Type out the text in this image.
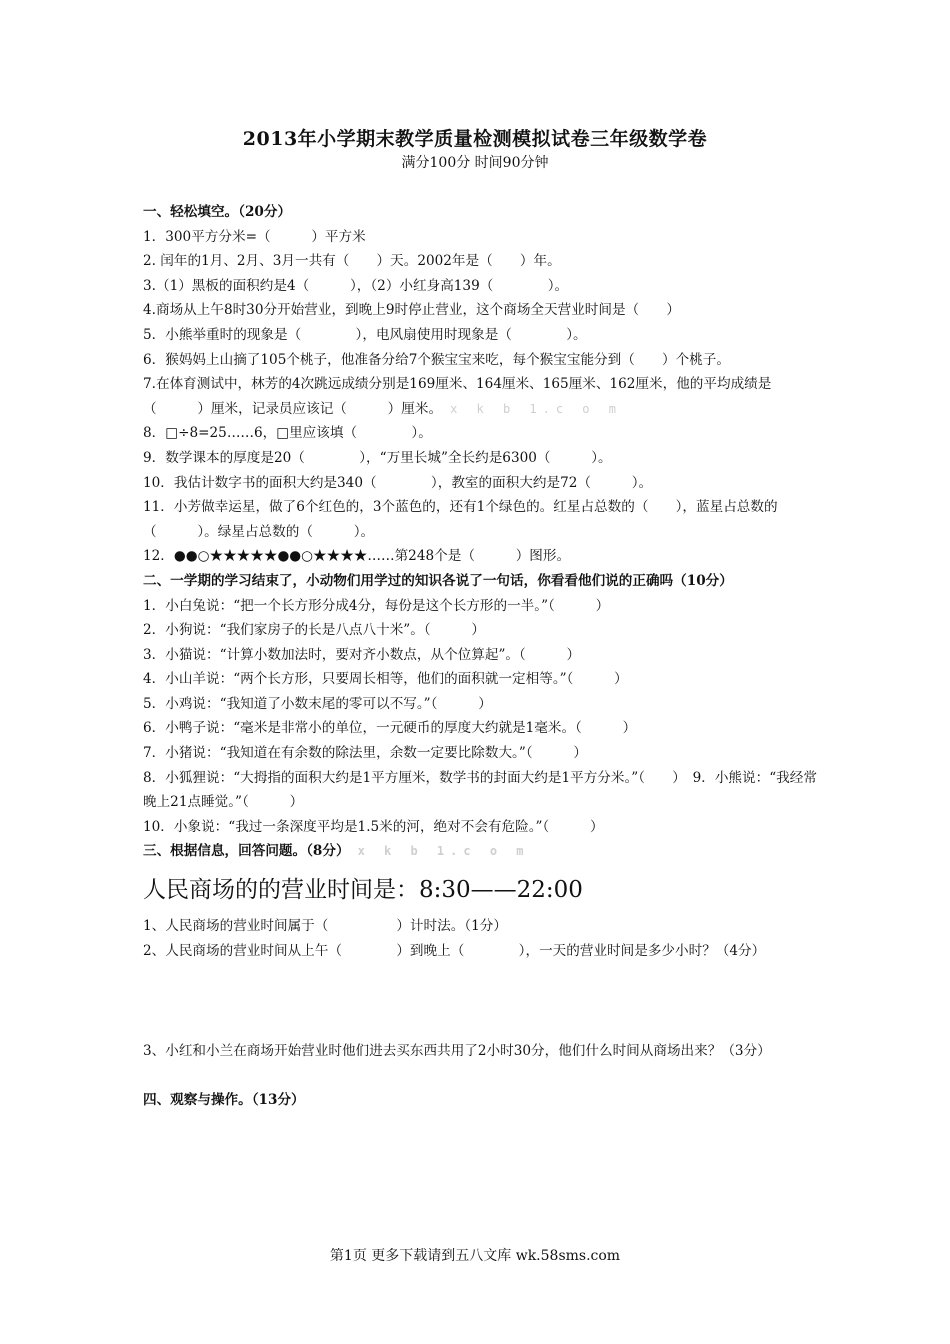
2013年小学期末教学质量检测模拟试卷三年级数学卷
满分100分 时间90分钟

一、轻松填空。（20分）

1．300平方分米=（　　　）平方米

2. 闰年的1月、2月、3月一共有（　　）天。2002年是（　　）年。

3.（1）黑板的面积约是4（　　　），（2）小红身高139（　　　　）。

4.商场从上午8时30分开始营业，到晚上9时停止营业，这个商场全天营业时间是（　　）

5．小熊举重时的现象是（　　　　），电风扇使用时现象是（　　　　）。

6．猴妈妈上山摘了105个桃子，他准备分给7个猴宝宝来吃，每个猴宝宝能分到（　　）个桃子。

7.在体育测试中，林芳的4次跳远成绩分别是169厘米、164厘米、165厘米、162厘米，他的平均成绩是（　　　）厘米，记录员应该记（　　　）厘米。 x k b 1.c o m

8．□÷8=25……6，□里应该填（　　　　）。

9．数学课本的厚度是20（　　　　），“万里长城”全长约是6300（　　　）。

10．我估计数字书的面积大约是340（　　　　），教室的面积大约是72（　　　）。

11．小芳做幸运星，做了6个红色的，3个蓝色的，还有1个绿色的。红星占总数的（　　），蓝星占总数的（　　　）。绿星占总数的（　　　）。

12．●●○★★★★★●●○★★★★……第248个是（　　　）图形。

二、一学期的学习结束了，小动物们用学过的知识各说了一句话，你看看他们说的正确吗（10分）

1．小白兔说：“把一个长方形分成4分，每份是这个长方形的一半。”（　　　）

2．小狗说：“我们家房子的长是八点八十米”。（　　　）

3．小猫说：“计算小数加法时，要对齐小数点，从个位算起”。（　　　）

4．小山羊说：“两个长方形，只要周长相等，他们的面积就一定相等。”（　　　）

5．小鸡说：“我知道了小数末尾的零可以不写。”（　　　）

6．小鸭子说：“毫米是非常小的单位，一元硬币的厚度大约就是1毫米。（　　　）

7．小猪说：“我知道在有余数的除法里，余数一定要比除数大。”（　　　）

8．小狐狸说：“大拇指的面积大约是1平方厘米，数学书的封面大约是1平方分米。”（　　）　9．小熊说：“我经常晚上21点睡觉。”（　　　）

10．小象说：“我过一条深度平均是1.5米的河，绝对不会有危险。”（　　　）

三、根据信息，回答问题。（8分） x k b 1.c o m

人民商场的的营业时间是：8:30——22:00

1、人民商场的营业时间属于（　　　　　）计时法。（1分）

2、人民商场的营业时间从上午（　　　　）到晚上（　　　　），一天的营业时间是多少小时？（4分）

3、小红和小兰在商场开始营业时他们进去买东西共用了2小时30分，他们什么时间从商场出来？（3分）

四、观察与操作。（13分）

第1页 更多下载请到五八文库 wk.58sms.com
